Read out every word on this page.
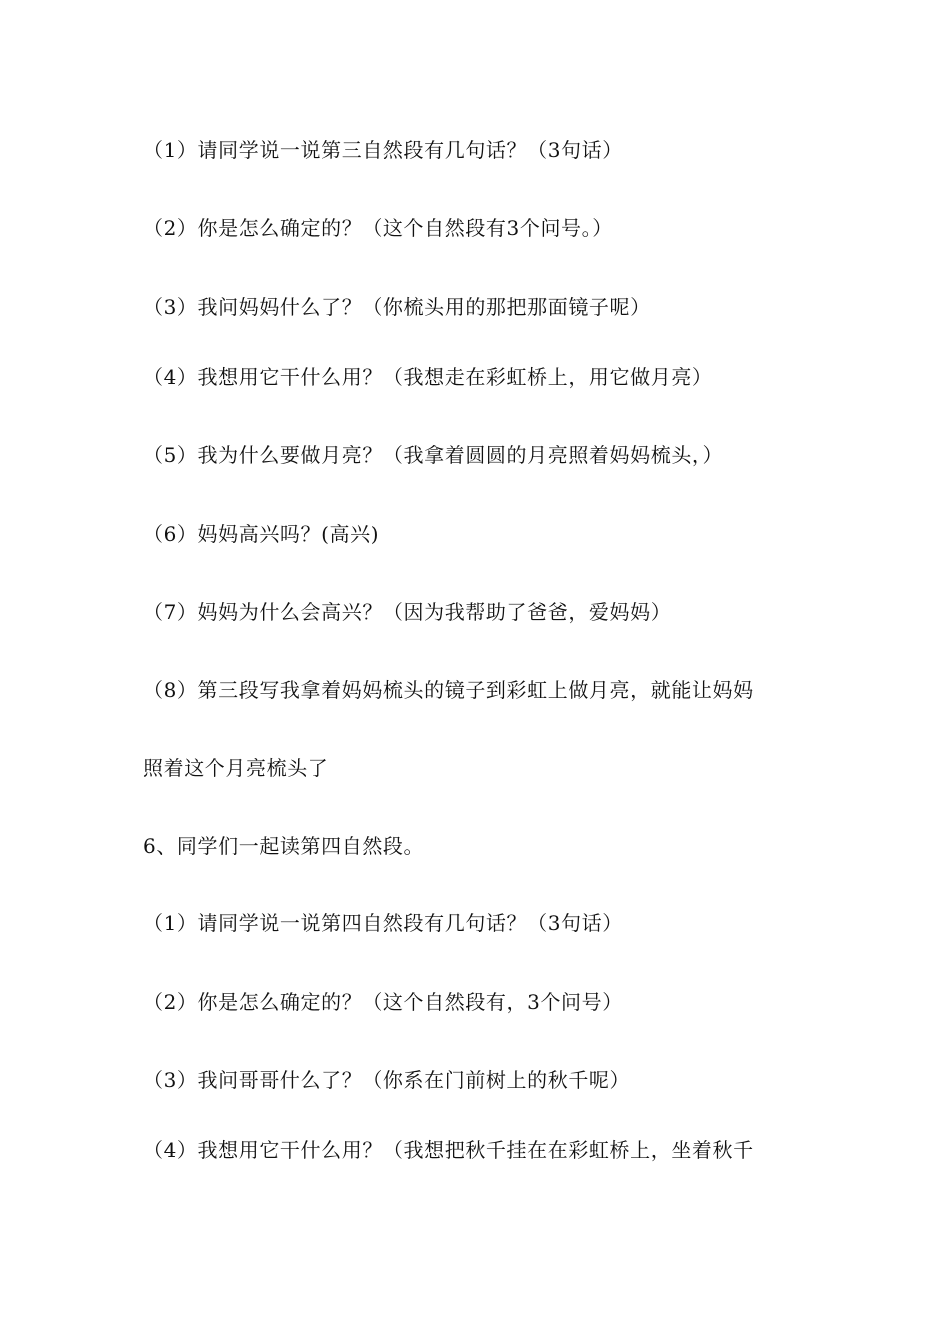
（1）请同学说一说第三自然段有几句话？（3句话）
（2）你是怎么确定的？（这个自然段有3个问号。）
（3）我问妈妈什么了？（你梳头用的那把那面镜子呢）
（4）我想用它干什么用？（我想走在彩虹桥上，用它做月亮）
（5）我为什么要做月亮？（我拿着圆圆的月亮照着妈妈梳头，）
（6）妈妈高兴吗？(高兴)
（7）妈妈为什么会高兴？（因为我帮助了爸爸，爱妈妈）
（8）第三段写我拿着妈妈梳头的镜子到彩虹上做月亮，就能让妈妈
照着这个月亮梳头了
6、同学们一起读第四自然段。
（1）请同学说一说第四自然段有几句话？（3句话）
（2）你是怎么确定的？（这个自然段有，3个问号）
（3）我问哥哥什么了？（你系在门前树上的秋千呢）
（4）我想用它干什么用？（我想把秋千挂在在彩虹桥上，坐着秋千
